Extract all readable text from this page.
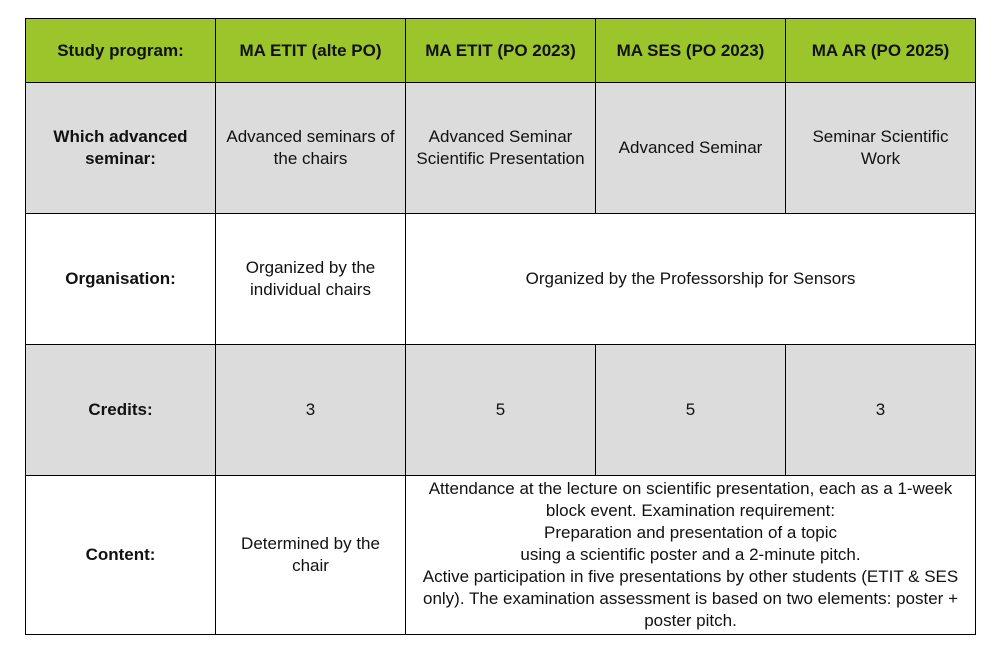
Study program:	MA ETIT (alte PO)	MA ETIT (PO 2023)	MA SES (PO 2023)	MA AR (PO 2025)
Which advanced seminar:	Advanced seminars of the chairs	Advanced Seminar Scientific Presentation	Advanced Seminar	Seminar Scientific Work
Organisation:	Organized by the individual chairs	Organized by the Professorship for Sensors		
Credits:	3	5	5	3
Content:	Determined by the chair	Attendance at the lecture on scientific presentation, each as a 1-week block event. Examination requirement:
Preparation and presentation of a topic
using a scientific poster and a 2-minute pitch.
Active participation in five presentations by other students (ETIT & SES only). The examination assessment is based on two elements: poster + poster pitch.		
